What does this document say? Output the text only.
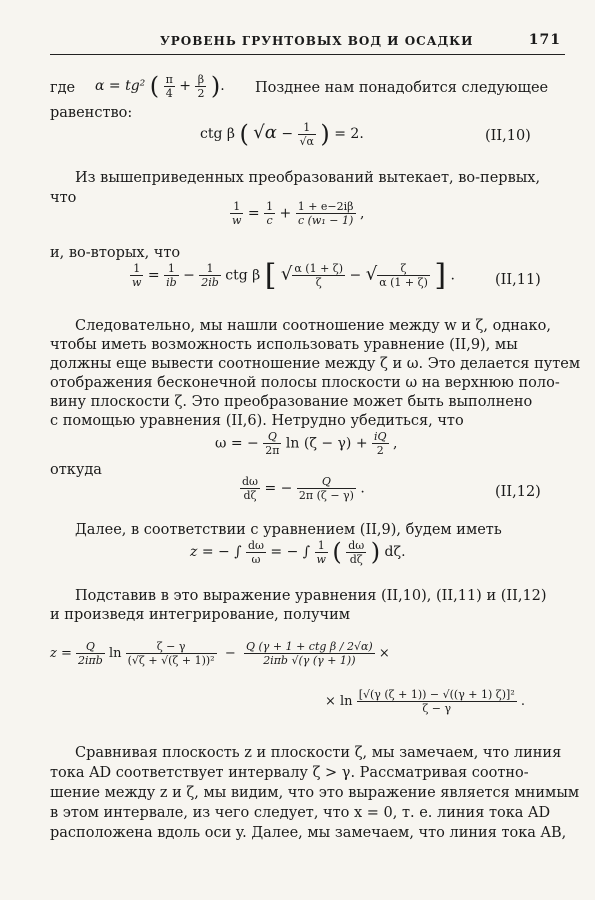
УРОВЕНЬ ГРУНТОВЫХ ВОД И ОСАДКИ	171
где α = tg² ( $\frac{\pi}{4} + \frac{\beta}{2}$ ). Позднее нам понадобится следующее
равенство:
ctg β ( $√\alpha - \frac{1}{√\alpha}$ ) = 2.	(II,10)
Из вышеприведенных преобразований вытекает, во-первых,
что
$\frac{1}{w} = \frac{1}{c} + \frac{1 + e-2i\beta}{\text{c (w₁ − 1)}}$ ,
и, во-вторых, что
$\frac{1}{w} = \frac{1}{ib} - \frac{1}{2ib}$ ctg β [ √ $\frac{\alpha (1 + \zeta)}{\zeta}$ − √ $\frac{\zeta}{\alpha (1 + \zeta)}$ ] .	(II,11)
Следовательно, мы нашли соотношение между w и ζ, однако,
чтобы иметь возможность использовать уравнение (II,9), мы
должны еще вывести соотношение между ζ и ω. Это делается путем
отображения бесконечной полосы плоскости ω на верхнюю поло-
вину плоскости ζ. Это преобразование может быть выполнено
с помощью уравнения (II,6). Нетрудно убедиться, что
ω = − $\frac{Q}{2\pi}$ $\ln (\zeta - \gamma) + \frac{iQ}{2}$ ,
откуда
$\frac{d\omega}{d\zeta}$ = − $\frac{Q}{2\pi (\zeta - \gamma)}$ .	(II,12)
Далее, в соответствии с уравнением (II,9), будем иметь
z = − ∫ $\frac{d\omega}{\omega}$ = − ∫ $\frac{1}{w}$ ( $\frac{d\omega}{d\zeta}$ ) dζ.
Подставив в это выражение уравнения (II,10), (II,11) и (II,12)
и произведя интегрирование, получим
$z = \frac{Q}{\text{2iπb}}$ $\ln \frac{\zeta - \gamma}{\text{(√ζ + √(ζ + 1))²}} - \frac{\text{Q (γ + 1 + ctg β / 2√α)}}{\text{2iπb √(γ (γ + 1))}}$ ×
× $\ln \frac{\text{[√(γ (ζ + 1)) − √((γ + 1) ζ)]²}}{\zeta - \gamma}$ .
Сравнивая плоскость z и плоскости ζ, мы замечаем, что линия
тока AD соответствует интервалу ζ > γ. Рассматривая соотно-
шение между z и ζ, мы видим, что это выражение является мнимым
в этом интервале, из чего следует, что x = 0, т. е. линия тока AD
расположена вдоль оси y. Далее, мы замечаем, что линия тока AB,
